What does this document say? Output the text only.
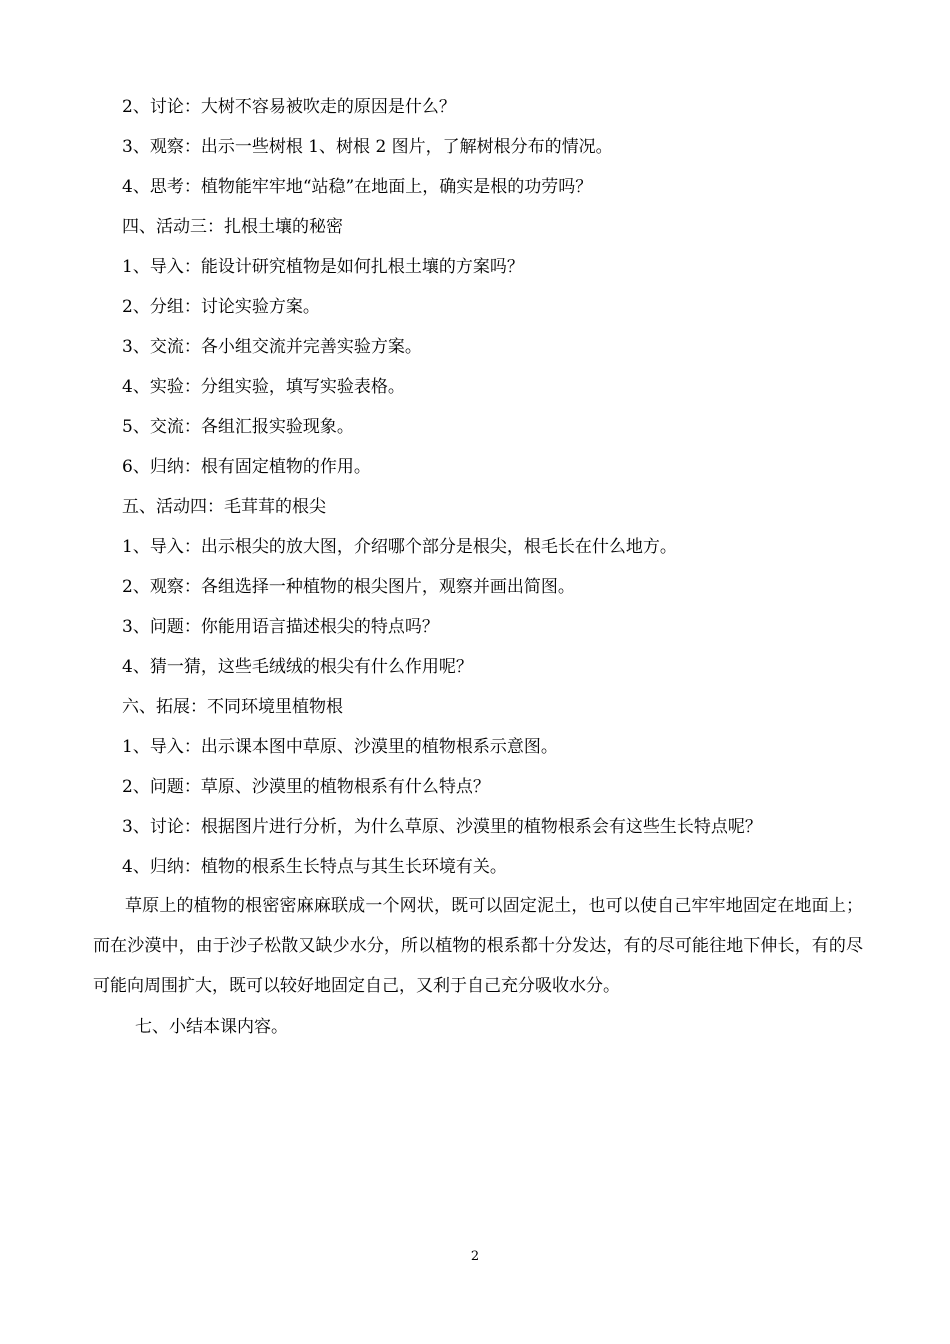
2、讨论：大树不容易被吹走的原因是什么？
3、观察：出示一些树根 1、树根 2 图片，了解树根分布的情况。
4、思考：植物能牢牢地“站稳”在地面上，确实是根的功劳吗？
四、活动三：扎根土壤的秘密
1、导入：能设计研究植物是如何扎根土壤的方案吗？
2、分组：讨论实验方案。
3、交流：各小组交流并完善实验方案。
4、实验：分组实验，填写实验表格。
5、交流：各组汇报实验现象。
6、归纳：根有固定植物的作用。
五、活动四：毛茸茸的根尖
1、导入：出示根尖的放大图，介绍哪个部分是根尖，根毛长在什么地方。
2、观察：各组选择一种植物的根尖图片，观察并画出简图。
3、问题：你能用语言描述根尖的特点吗？
4、猜一猜，这些毛绒绒的根尖有什么作用呢？
六、拓展：不同环境里植物根
1、导入：出示课本图中草原、沙漠里的植物根系示意图。
2、问题：草原、沙漠里的植物根系有什么特点？
3、讨论：根据图片进行分析，为什么草原、沙漠里的植物根系会有这些生长特点呢？
4、归纳：植物的根系生长特点与其生长环境有关。
草原上的植物的根密密麻麻联成一个网状，既可以固定泥土，也可以使自己牢牢地固定在地面上；而在沙漠中，由于沙子松散又缺少水分，所以植物的根系都十分发达，有的尽可能往地下伸长，有的尽可能向周围扩大，既可以较好地固定自己，又利于自己充分吸收水分。
七、小结本课内容。
2
